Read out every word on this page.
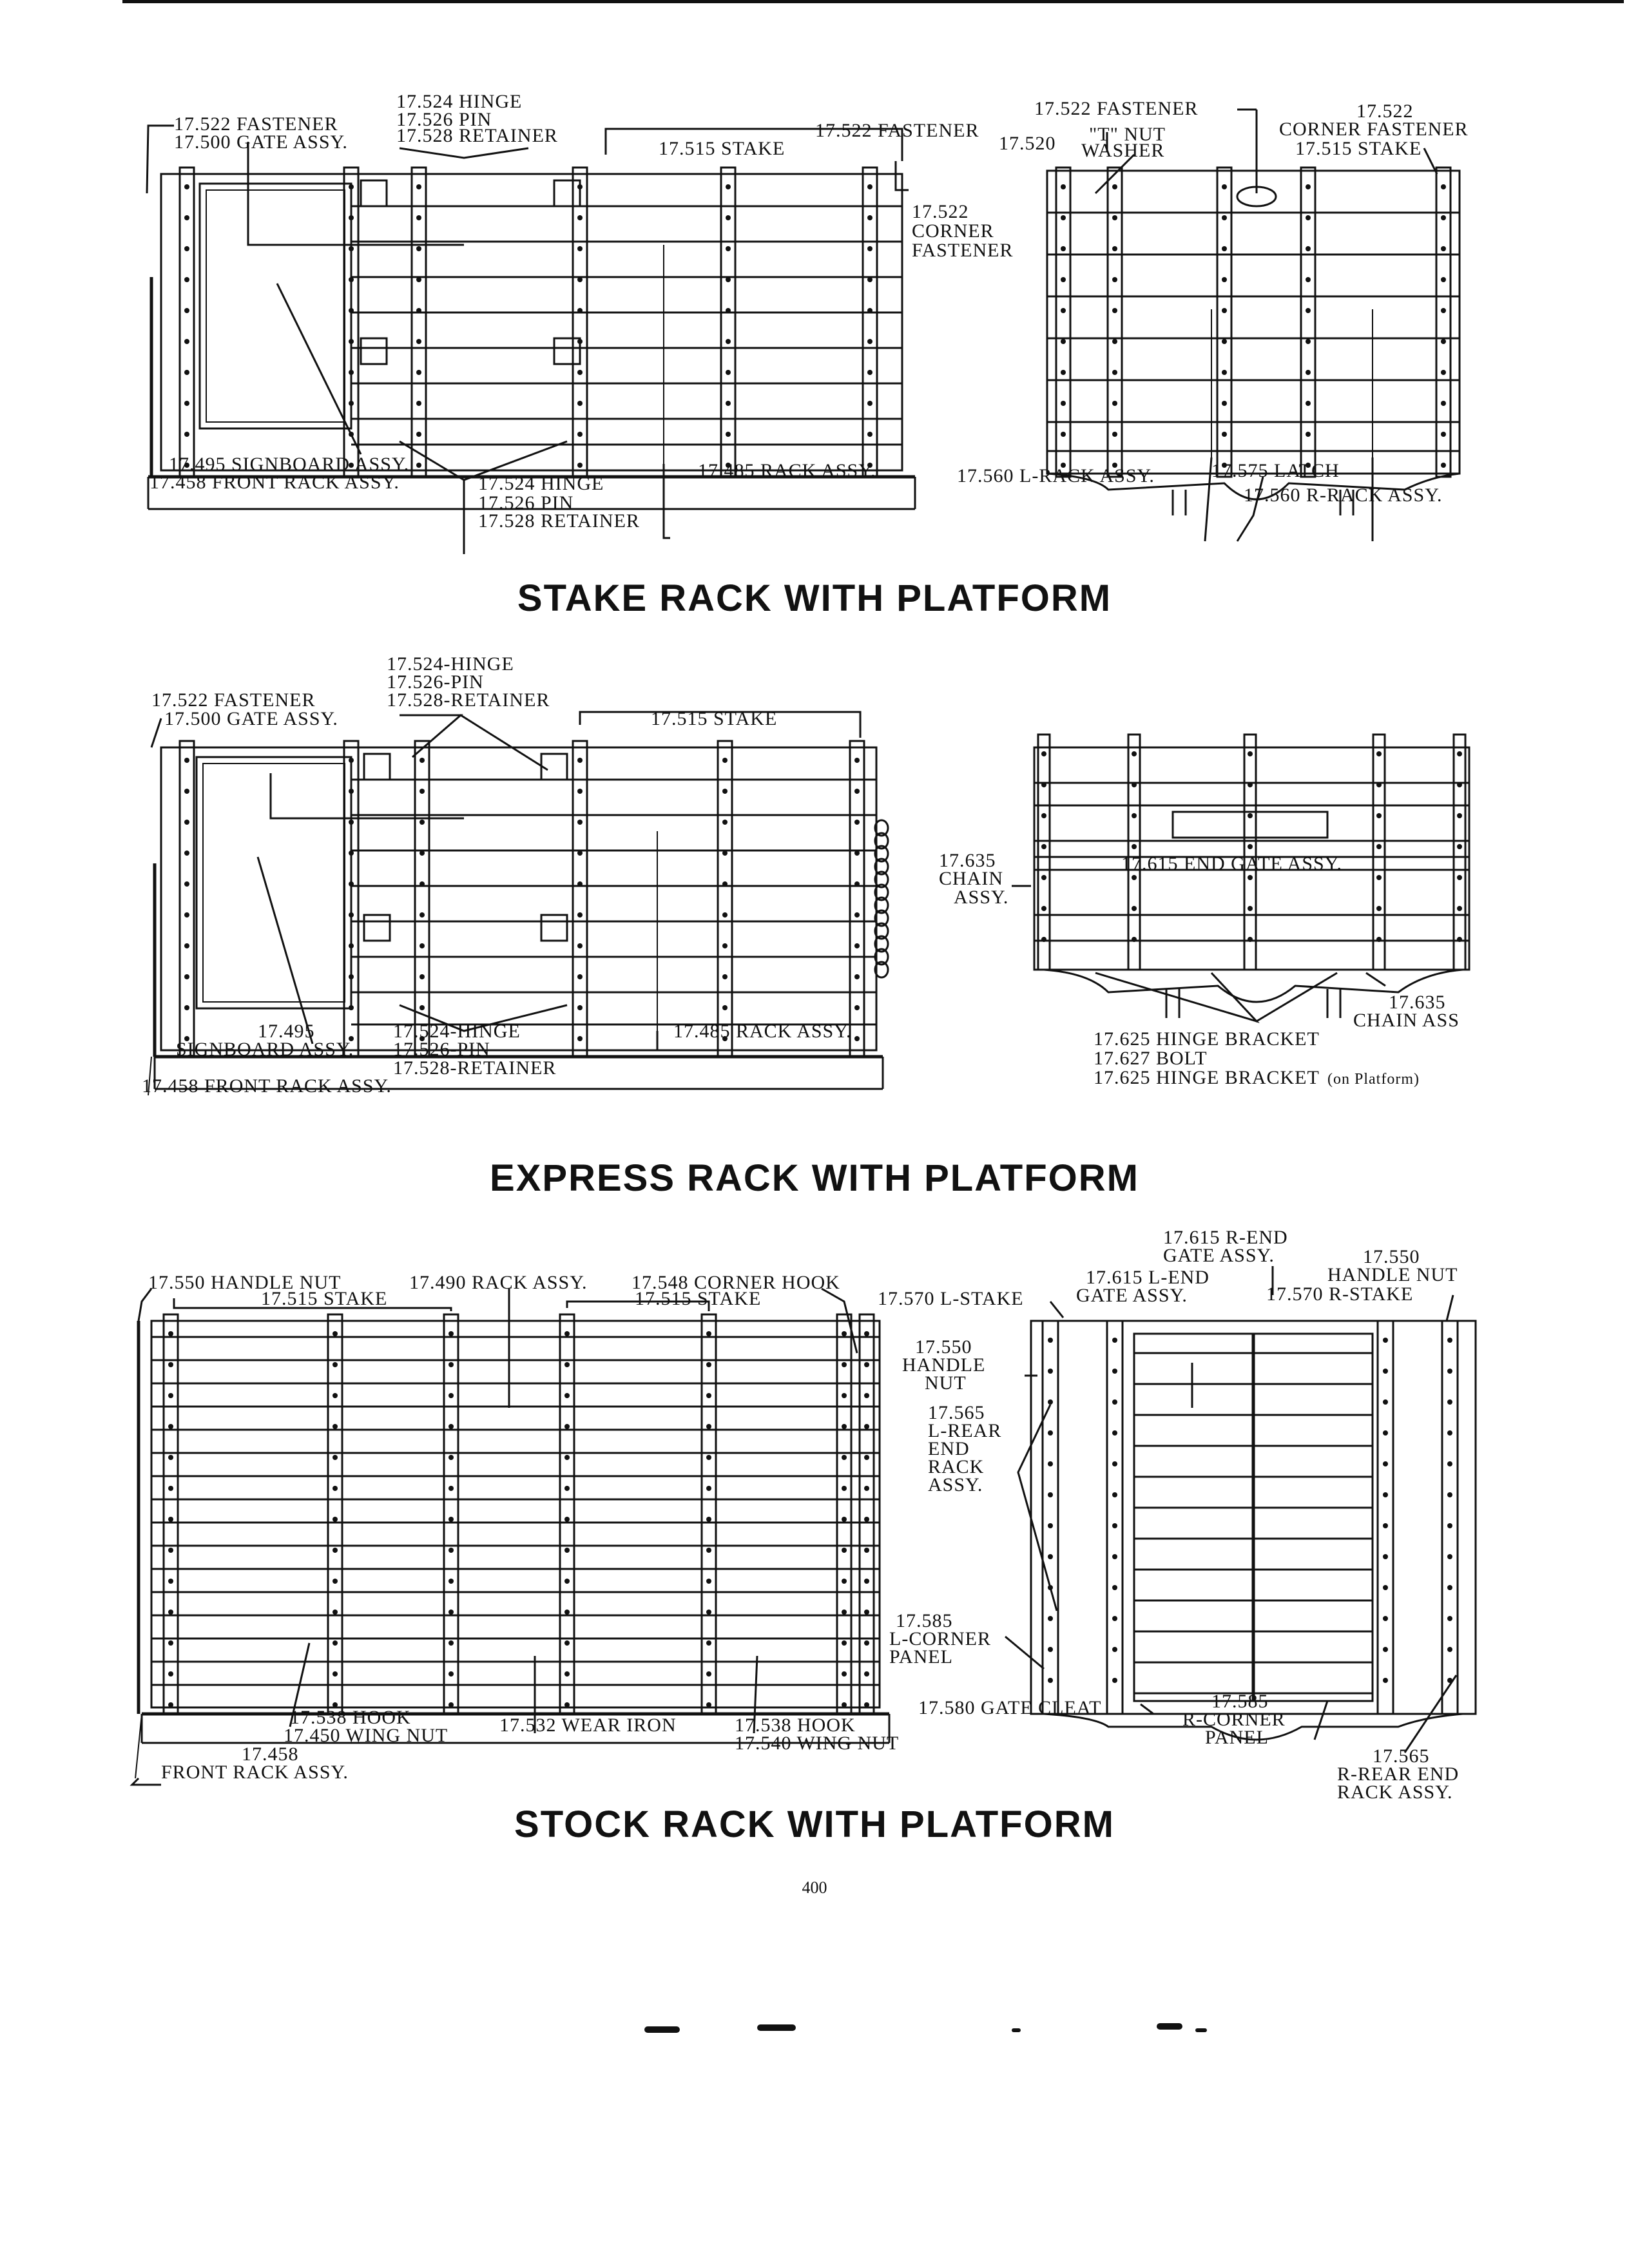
17.524 HINGE
17.526 PIN
17.528 RETAINER
17.522 FASTENER
17.500 GATE ASSY.	17.515 STAKE
17.522 FASTENER
17.522
CORNER
FASTENER
17.495 SIGNBOARD ASSY.
17.458 FRONT RACK ASSY.	17.524 HINGE
17.526 PIN
17.528 RETAINER
17.485 RACK ASSY.
17.522 FASTENER	17.522
CORNER FASTENER
17.520 "T" NUT
WASHER	17.515 STAKE
17.560 L-RACK ASSY.	17.575 LATCH
17.560 R-RACK ASSY.
STAKE RACK WITH PLATFORM
17.524-HINGE
17.526-PIN
17.528-RETAINER
17.522 FASTENER
17.500 GATE ASSY.	17.515 STAKE
17.495
SIGNBOARD ASSY.
17.524-HINGE
17.526-PIN
17.528-RETAINER
17.485 RACK ASSY.
17.458 FRONT RACK ASSY.
17.635
CHAIN
ASSY.
17.615 END GATE ASSY.
17.635
CHAIN ASS
17.625 HINGE BRACKET
17.627 BOLT
17.625 HINGE BRACKET (on Platform)
EXPRESS RACK WITH PLATFORM
17.550 HANDLE NUT	17.490 RACK ASSY. 17.548 CORNER HOOK
17.515 STAKE	17.515 STAKE
17.538 HOOK
17.450 WING NUT
17.458
FRONT RACK ASSY.
17.532 WEAR IRON	17.538 HOOK
17.540 WING NUT
17.615 R-END
GATE ASSY.	17.550
HANDLE NUT
17.615 L-END
GATE ASSY.
17.570 L-STAKE	17.570 R-STAKE
17.550
HANDLE
NUT
17.565
L-REAR
END
RACK
ASSY.
17.585
L-CORNER
PANEL
17.580 GATE CLEAT	17.585
R-CORNER
PANEL
17.565
R-REAR END
RACK ASSY.
STOCK RACK WITH PLATFORM
400
